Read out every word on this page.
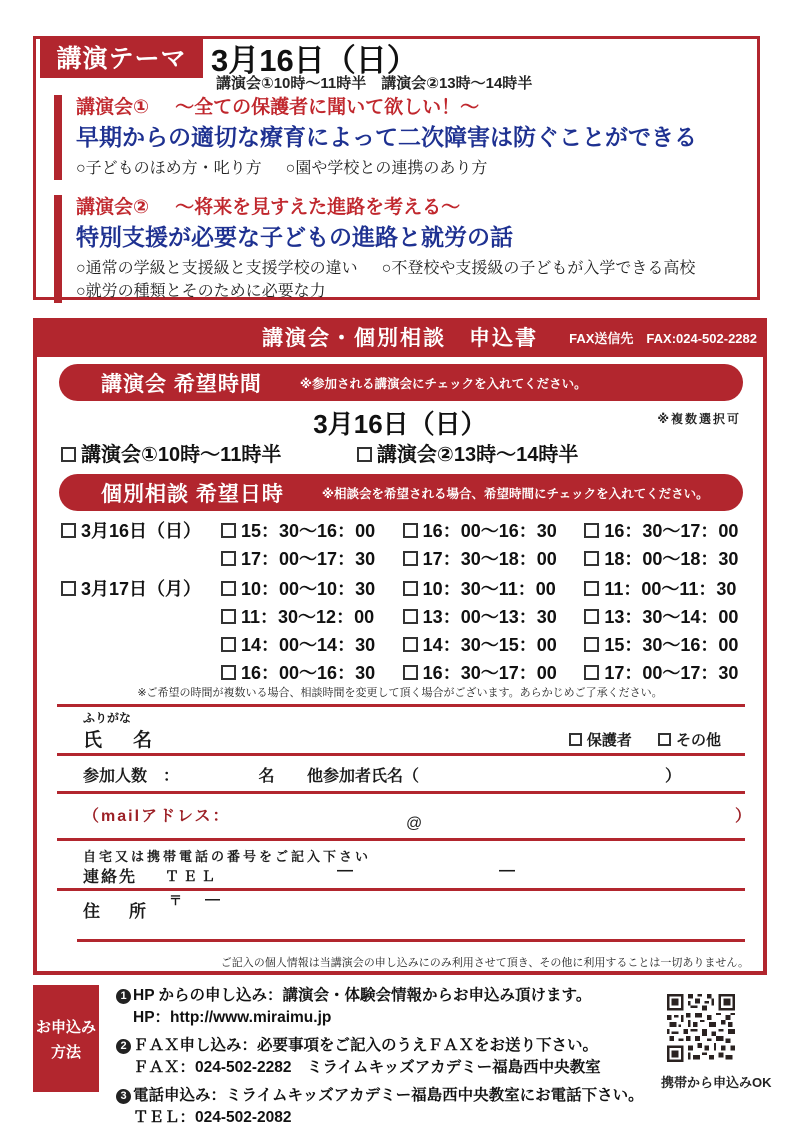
講演テーマ 3月16日（日）
講演会①10時～11時半　講演会②13時～14時半
講演会① ～全ての保護者に聞いて欲しい！～
早期からの適切な療育によって二次障害は防ぐことができる
○子どものほめ方・叱り方 ○園や学校との連携のあり方
講演会② ～将来を見すえた進路を考える～
特別支援が必要な子どもの進路と就労の話
○通常の学級と支援級と支援学校の違い ○不登校や支援級の子どもが入学できる高校
○就労の種類とそのために必要な力
講演会・個別相談　申込書	FAX送信先　FAX:024-502-2282
講演会 希望時間	※参加される講演会にチェックを入れてください。
3月16日（日）	※複数選択可
講演会①10時～11時半	講演会②13時～14時半
個別相談 希望日時	※相談会を希望される場合、希望時間にチェックを入れてください。
3月16日（日）	15：30～16：00	16：00～16：30	16：30～17：00
17：00～17：30	17：30～18：00	18：00～18：30
3月17日（月）	10：00～10：30	10：30～11：00	11：00～11：30
11：30～12：00	13：00～13：30	13：30～14：00
14：00～14：30	14：30～15：00	15：30～16：00
16：00～16：30	16：30～17：00	17：00～17：30
※ご希望の時間が複数いる場合、相談時間を変更して頂く場合がございます。あらかじめご了承ください。
ふりがな
氏　名	保護者	その他
参加人数　：	名 他参加者氏名（	）
（mailアドレス：	@	）
自宅又は携帯電話の番号をご記入下さい
連絡先 ＴＥＬ	—	—
住　所
〒 —
ご記入の個人情報は当講演会の申し込みにのみ利用させて頂き、その他に利用することは一切ありません。
お申込み
方法
1 HP からの申し込み：講演会・体験会情報からお申込み頂けます。
HP：http://www.miraimu.jp
2 ＦＡＸ申し込み：必要事項をご記入のうえＦＡＸをお送り下さい。
ＦＡＸ：024-502-2282　ミライムキッズアカデミー福島西中央教室
3 電話申込み：ミライムキッズアカデミー福島西中央教室にお電話下さい。
ＴＥＬ：024-502-2082
携帯から申込みOK
